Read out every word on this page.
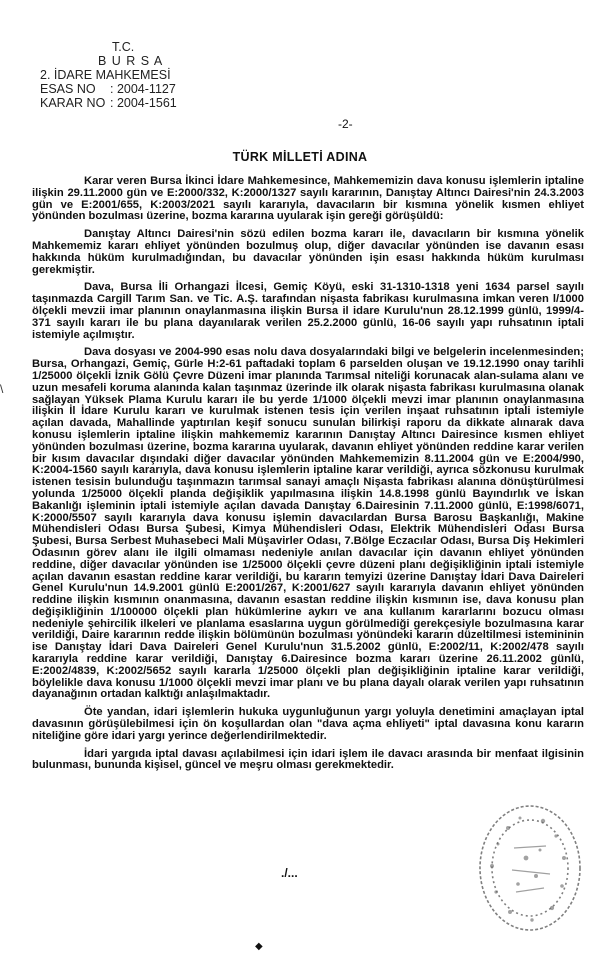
T.C.
B U R S A
2. İDARE MAHKEMESİ
ESAS NO	: 2004-1127
KARAR NO : 2004-1561
-2-
TÜRK MİLLETİ ADINA
\

Karar veren Bursa İkinci İdare Mahkemesince, Mahkememizin dava konusu işlemlerin iptaline ilişkin 29.11.2000 gün ve E:2000/332, K:2000/1327 sayılı kararının, Danıştay Altıncı Dairesi'nin 24.3.2003 gün ve E:2001/655, K:2003/2021 sayılı kararıyla, davacıların bir kısmına yönelik kısmen ehliyet yönünden bozulması üzerine, bozma kararına uyularak işin gereği görüşüldü:

Danıştay Altıncı Dairesi'nin sözü edilen bozma kararı ile, davacıların bir kısmına yönelik Mahkememiz kararı ehliyet yönünden bozulmuş olup, diğer davacılar yönünden ise davanın esası hakkında hüküm kurulmadığından, bu davacılar yönünden işin esası hakkında hüküm kurulması gerekmiştir.

Dava, Bursa İli Orhangazi İlcesi, Gemiç Köyü, eski 31-1310-1318 yeni 1634 parsel sayılı taşınmazda Cargill Tarım San. ve Tic. A.Ş. tarafından nişasta fabrikası kurulmasına imkan veren l/1000 ölçekli mevzii imar planının onaylanmasına ilişkin Bursa il idare Kurulu'nun 28.12.1999 günlü, 1999/4-371 sayılı kararı ile bu plana dayanılarak verilen 25.2.2000 günlü, 16-06 sayılı yapı ruhsatının iptali istemiyle açılmıştır.

Dava dosyası ve 2004-990 esas nolu dava dosyalarındaki bilgi ve belgelerin incelenmesinden; Bursa, Orhangazi, Gemiç, Gürle H:2-61 paftadaki toplam 6 parselden oluşan ve 19.12.1990 onay tarihli 1/25000 ölçekli İznik Gölü Çevre Düzeni imar planında Tarımsal niteliği korunacak alan-sulama alanı ve uzun mesafeli koruma alanında kalan taşınmaz üzerinde ilk olarak nişasta fabrikası kurulmasına olanak sağlayan Yüksek Plama Kurulu kararı ile bu yerde 1/1000 ölçekli mevzi imar planının onaylanmasına ilişkin İl İdare Kurulu kararı ve kurulmak istenen tesis için verilen inşaat ruhsatının iptali istemiyle açılan davada, Mahallinde yaptırılan keşif sonucu sunulan bilirkişi raporu da dikkate alınarak dava konusu işlemlerin iptaline ilişkin mahkememiz kararının Danıştay Altıncı Dairesince kısmen ehliyet yönünden bozulması üzerine, bozma kararına uyularak, davanın ehliyet yönünden reddine karar verilen bir kısım davacılar dışındaki diğer davacılar yönünden Mahkememizin 8.11.2004 gün ve E:2004/990, K:2004-1560 sayılı kararıyla, dava konusu işlemlerin iptaline karar verildiği, ayrıca sözkonusu kurulmak istenen tesisin bulunduğu taşınmazın tarımsal sanayi amaçlı Nişasta fabrikası alanına dönüştürülmesi yolunda 1/25000 ölçekli planda değişiklik yapılmasına ilişkin 14.8.1998 günlü Bayındırlık ve İskan Bakanlığı işleminin iptali istemiyle açılan davada Danıştay 6.Dairesinin 7.11.2000 günlü, E:1998/6071, K:2000/5507 sayılı kararıyla dava konusu işlemin davacılardan Bursa Barosu Başkanlığı, Makine Mühendisleri Odası Bursa Şubesi, Kimya Mühendisleri Odası, Elektrik Mühendisleri Odası Bursa Şubesi, Bursa Serbest Muhasebeci Mali Müşavirler Odası, 7.Bölge Eczacılar Odası, Bursa Diş Hekimleri Odasının görev alanı ile ilgili olmaması nedeniyle anılan davacılar için davanın ehliyet yönünden reddine, diğer davacılar yönünden ise 1/25000 ölçekli çevre düzeni planı değişikliğinin iptali istemiyle açılan davanın esastan reddine karar verildiği, bu kararın temyizi üzerine Danıştay İdari Dava Daireleri Genel Kurulu'nun 14.9.2001 günlü E:2001/267, K:2001/627 sayılı kararıyla davanın ehliyet yönünden reddine ilişkin kısmının onanmasına, davanın esastan reddine ilişkin kısmının ise, dava konusu plan değişikliğinin 1/100000 ölçekli plan hükümlerine aykırı ve ana kullanım kararlarını bozucu olması nedeniyle şehircilik ilkeleri ve planlama esaslarına uygun görülmediği gerekçesiyle bozulmasına karar verildiği, Daire kararının redde ilişkin bölümünün bozulması yönündeki kararın düzeltilmesi istemininin ise Danıştay İdari Dava Daireleri Genel Kurulu'nun 31.5.2002 günlü, E:2002/11, K:2002/478 sayılı kararıyla reddine karar verildiği, Danıştay 6.Dairesince bozma kararı üzerine 26.11.2002 günlü, E:2002/4839, K:2002/5652 sayılı kararla 1/25000 ölçekli plan değişikliğinin iptaline karar verildiği, böylelikle dava konusu 1/1000 ölçekli mevzi imar planı ve bu plana dayalı olarak verilen yapı ruhsatının dayanağının ortadan kalktığı anlaşılmaktadır.

Öte yandan, idari işlemlerin hukuka uygunluğunun yargı yoluyla denetimini amaçlayan iptal davasının görüşülebilmesi için ön koşullardan olan "dava açma ehliyeti" iptal davasına konu kararın niteliğine göre idari yargı yerince değerlendirilmektedir.

İdari yargıda iptal davası açılabilmesi için idari işlem ile davacı arasında bir menfaat ilgisinin bulunması, bununda kişisel, güncel ve meşru olması gerekmektedir.

./...
◆
